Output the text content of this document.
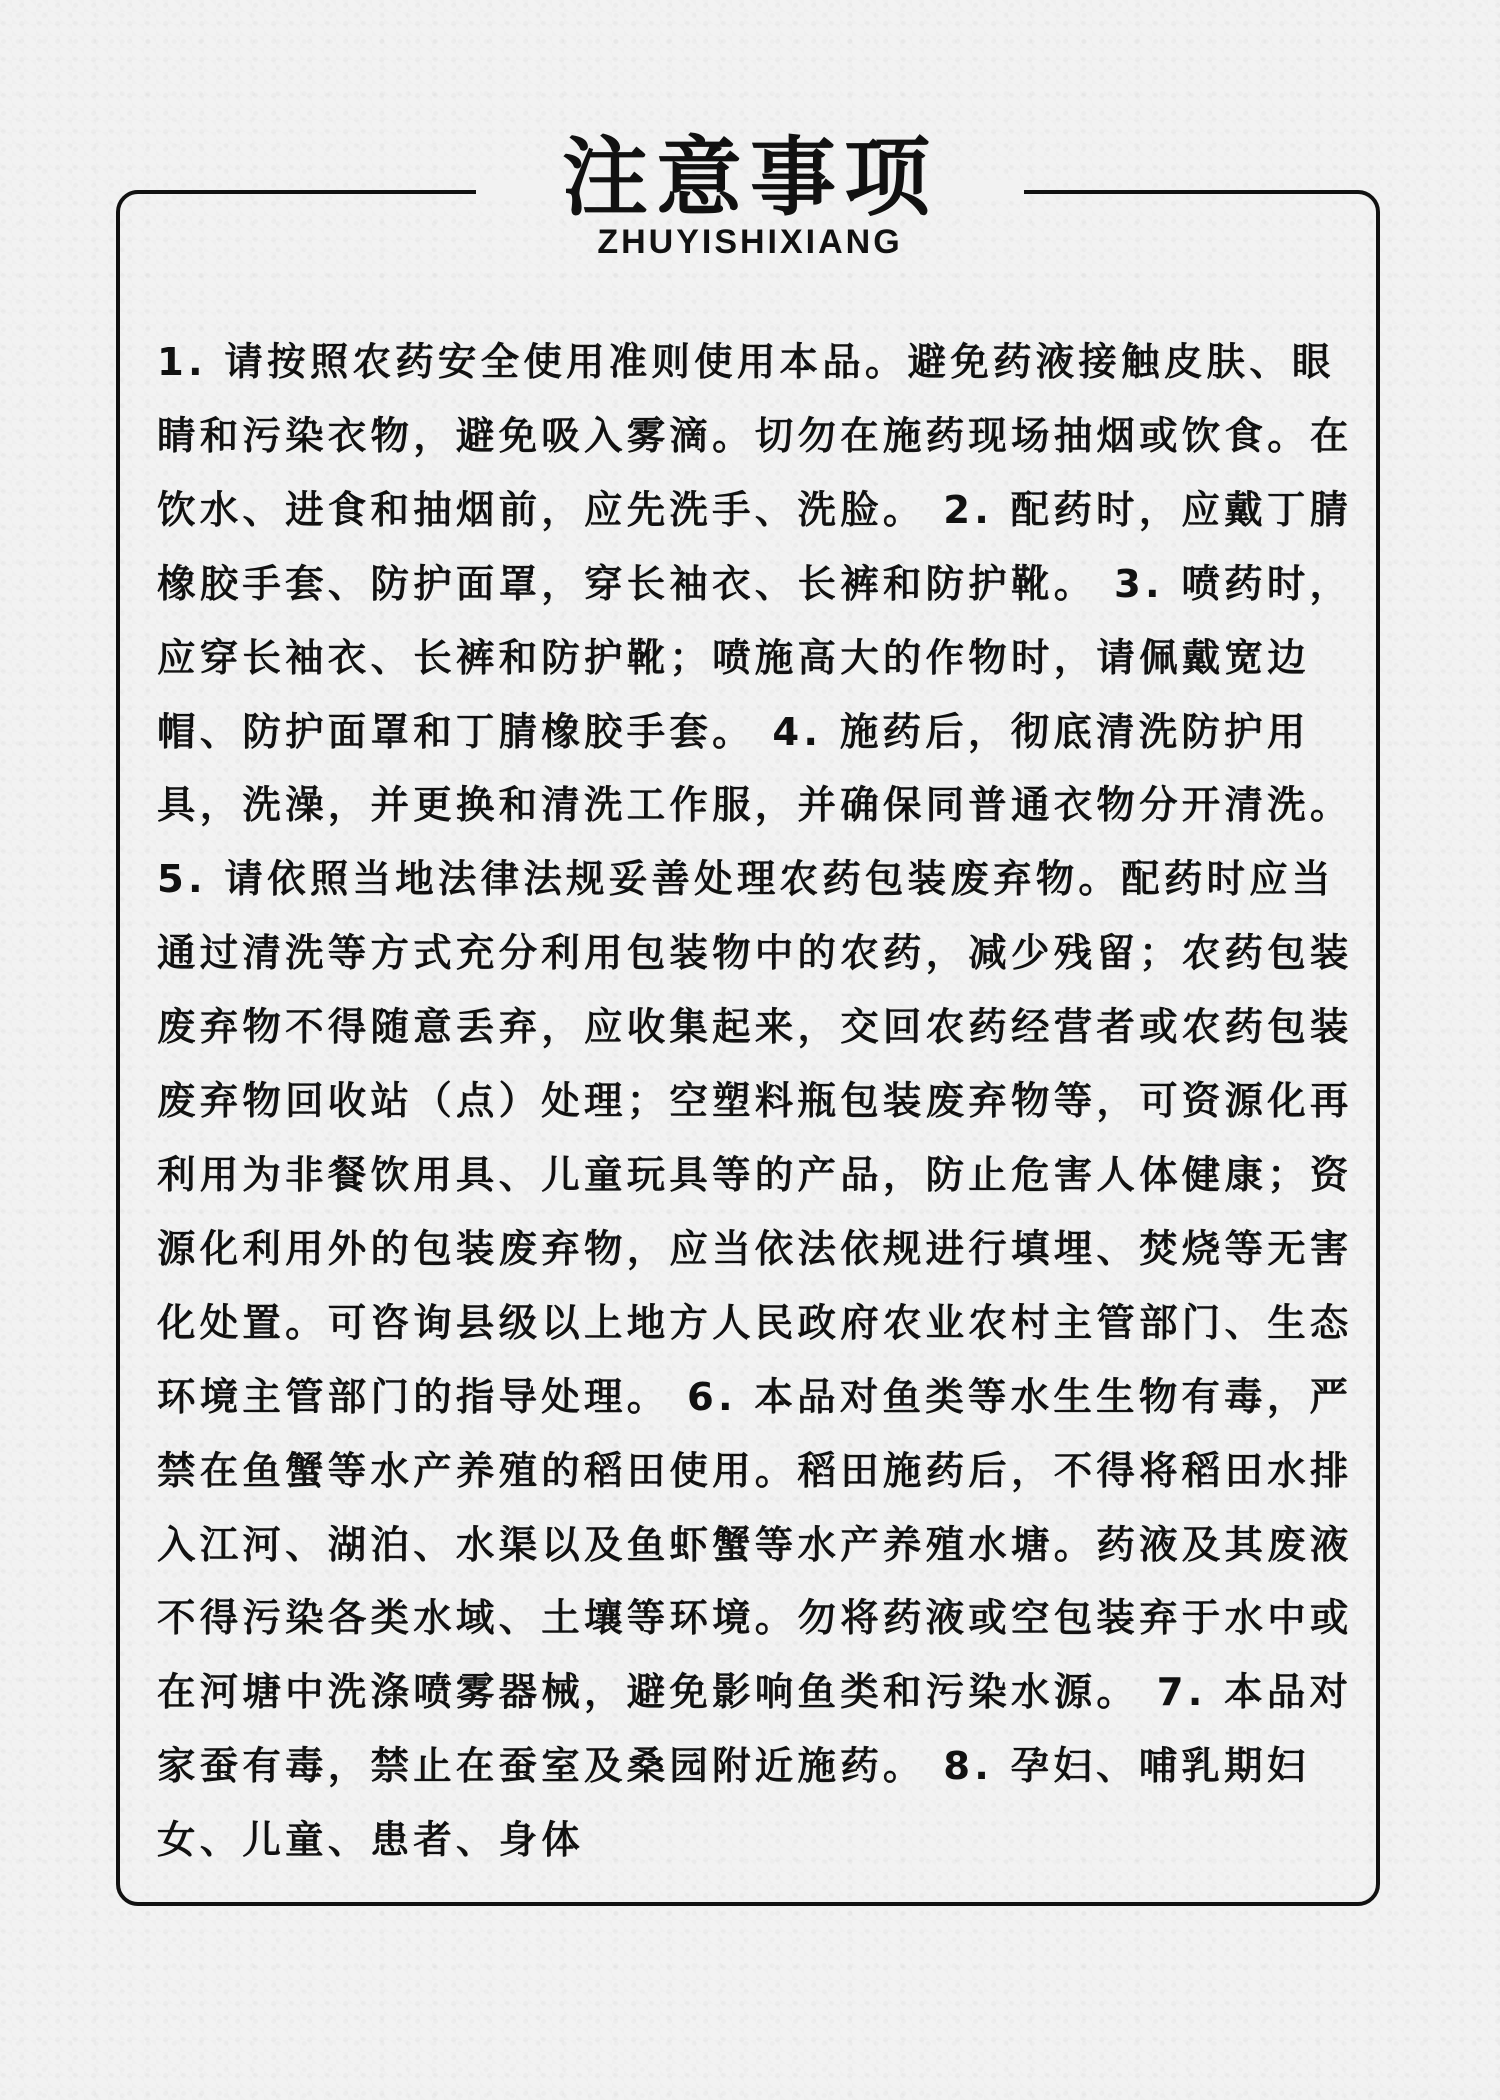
注意事项
ZHUYISHIXIANG

1. 请按照农药安全使用准则使用本品。避免药液接触皮肤、眼睛和污染衣物，避免吸入雾滴。切勿在施药现场抽烟或饮食。在饮水、进食和抽烟前，应先洗手、洗脸。 2. 配药时，应戴丁腈橡胶手套、防护面罩，穿长袖衣、长裤和防护靴。 3. 喷药时，应穿长袖衣、长裤和防护靴；喷施高大的作物时，请佩戴宽边帽、防护面罩和丁腈橡胶手套。 4. 施药后，彻底清洗防护用具，洗澡，并更换和清洗工作服，并确保同普通衣物分开清洗。 5. 请依照当地法律法规妥善处理农药包装废弃物。配药时应当通过清洗等方式充分利用包装物中的农药，减少残留；农药包装废弃物不得随意丢弃，应收集起来，交回农药经营者或农药包装废弃物回收站（点）处理；空塑料瓶包装废弃物等，可资源化再利用为非餐饮用具、儿童玩具等的产品，防止危害人体健康；资源化利用外的包装废弃物，应当依法依规进行填埋、焚烧等无害化处置。可咨询县级以上地方人民政府农业农村主管部门、生态环境主管部门的指导处理。 6. 本品对鱼类等水生生物有毒，严禁在鱼蟹等水产养殖的稻田使用。稻田施药后，不得将稻田水排入江河、湖泊、水渠以及鱼虾蟹等水产养殖水塘。药液及其废液不得污染各类水域、土壤等环境。勿将药液或空包装弃于水中或在河塘中洗涤喷雾器械，避免影响鱼类和污染水源。 7. 本品对家蚕有毒，禁止在蚕室及桑园附近施药。 8. 孕妇、哺乳期妇女、儿童、患者、身体
